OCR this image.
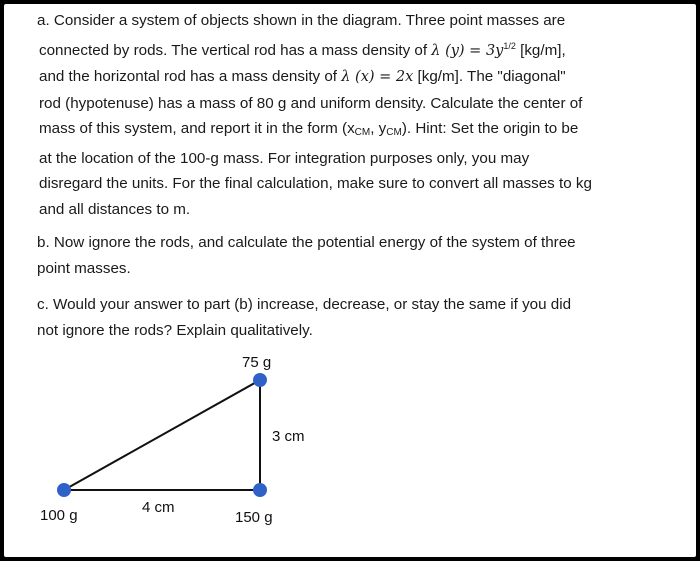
a. Consider a system of objects shown in the diagram. Three point masses are
connected by rods. The vertical rod has a mass density of λ $(y) = 3y^{1/2}$ [kg/m],
and the horizontal rod has a mass density of λ (x) = 2x [kg/m]. The "diagonal"
rod (hypotenuse) has a mass of 80 g and uniform density. Calculate the center of
mass of this system, and report it in the form ($x_{CM}$, $y_{CM}$). Hint: Set the origin to be
at the location of the 100-g mass. For integration purposes only, you may
disregard the units. For the final calculation, make sure to convert all masses to kg
and all distances to m.

b. Now ignore the rods, and calculate the potential energy of the system of three
point masses.

c. Would your answer to part (b) increase, decrease, or stay the same if you did
not ignore the rods? Explain qualitatively.

75 g
3 cm
4 cm
100 g	150 g
